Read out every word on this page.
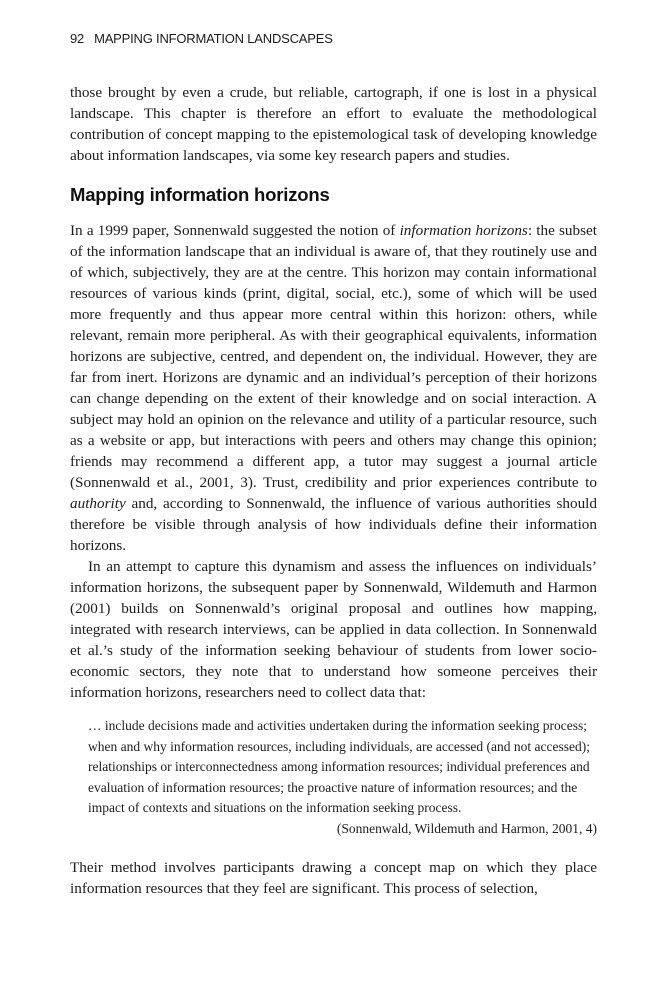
92 MAPPING INFORMATION LANDSCAPES

those brought by even a crude, but reliable, cartograph, if one is lost in a physical landscape. This chapter is therefore an effort to evaluate the methodological contribution of concept mapping to the epistemological task of developing knowledge about information landscapes, via some key research papers and studies.

Mapping information horizons

In a 1999 paper, Sonnenwald suggested the notion of information horizons: the subset of the information landscape that an individual is aware of, that they routinely use and of which, subjectively, they are at the centre. This horizon may contain informational resources of various kinds (print, digital, social, etc.), some of which will be used more frequently and thus appear more central within this horizon: others, while relevant, remain more peripheral. As with their geographical equivalents, information horizons are subjective, centred, and dependent on, the individual. However, they are far from inert. Horizons are dynamic and an individual’s perception of their horizons can change depending on the extent of their knowledge and on social interaction. A subject may hold an opinion on the relevance and utility of a particular resource, such as a website or app, but interactions with peers and others may change this opinion; friends may recommend a different app, a tutor may suggest a journal article (Sonnenwald et al., 2001, 3). Trust, credibility and prior experiences contribute to authority and, according to Sonnenwald, the influence of various authorities should therefore be visible through analysis of how individuals define their information horizons.

In an attempt to capture this dynamism and assess the influences on individuals’ information horizons, the subsequent paper by Sonnenwald, Wildemuth and Harmon (2001) builds on Sonnenwald’s original proposal and outlines how mapping, integrated with research interviews, can be applied in data collection. In Sonnenwald et al.’s study of the information seeking behaviour of students from lower socio-economic sectors, they note that to understand how someone perceives their information horizons, researchers need to collect data that:

… include decisions made and activities undertaken during the information seeking process; when and why information resources, including individuals, are accessed (and not accessed); relationships or interconnectedness among information resources; individual preferences and evaluation of information resources; the proactive nature of information resources; and the impact of contexts and situations on the information seeking process.
(Sonnenwald, Wildemuth and Harmon, 2001, 4)

Their method involves participants drawing a concept map on which they place information resources that they feel are significant. This process of selection,
